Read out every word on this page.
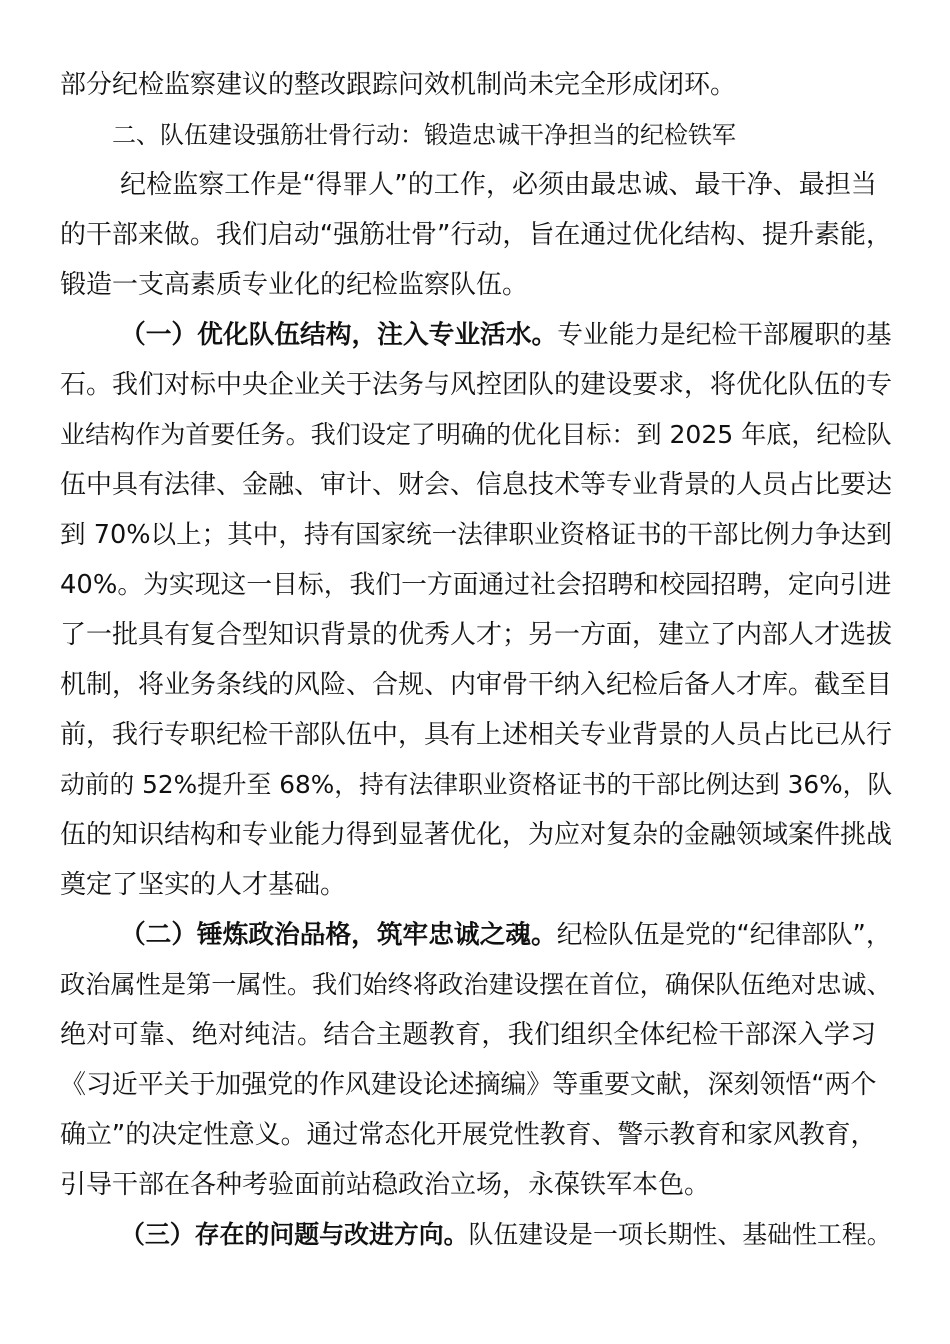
部分纪检监察建议的整改跟踪问效机制尚未完全形成闭环。
二、队伍建设强筋壮骨行动：锻造忠诚干净担当的纪检铁军
纪检监察工作是“得罪人”的工作，必须由最忠诚、最干净、最担当
的干部来做。我们启动“强筋壮骨”行动，旨在通过优化结构、提升素能，
锻造一支高素质专业化的纪检监察队伍。
（一）优化队伍结构，注入专业活水。专业能力是纪检干部履职的基
石。我们对标中央企业关于法务与风控团队的建设要求，将优化队伍的专
业结构作为首要任务。我们设定了明确的优化目标：到 2025 年底，纪检队
伍中具有法律、金融、审计、财会、信息技术等专业背景的人员占比要达
到 70%以上；其中，持有国家统一法律职业资格证书的干部比例力争达到
40%。为实现这一目标，我们一方面通过社会招聘和校园招聘，定向引进
了一批具有复合型知识背景的优秀人才；另一方面，建立了内部人才选拔
机制，将业务条线的风险、合规、内审骨干纳入纪检后备人才库。截至目
前，我行专职纪检干部队伍中，具有上述相关专业背景的人员占比已从行
动前的 52%提升至 68%，持有法律职业资格证书的干部比例达到 36%，队
伍的知识结构和专业能力得到显著优化，为应对复杂的金融领域案件挑战
奠定了坚实的人才基础。
（二）锤炼政治品格，筑牢忠诚之魂。纪检队伍是党的“纪律部队”，
政治属性是第一属性。我们始终将政治建设摆在首位，确保队伍绝对忠诚、
绝对可靠、绝对纯洁。结合主题教育，我们组织全体纪检干部深入学习
《习近平关于加强党的作风建设论述摘编》等重要文献，深刻领悟“两个
确立”的决定性意义。通过常态化开展党性教育、警示教育和家风教育，
引导干部在各种考验面前站稳政治立场，永葆铁军本色。
（三）存在的问题与改进方向。队伍建设是一项长期性、基础性工程。
